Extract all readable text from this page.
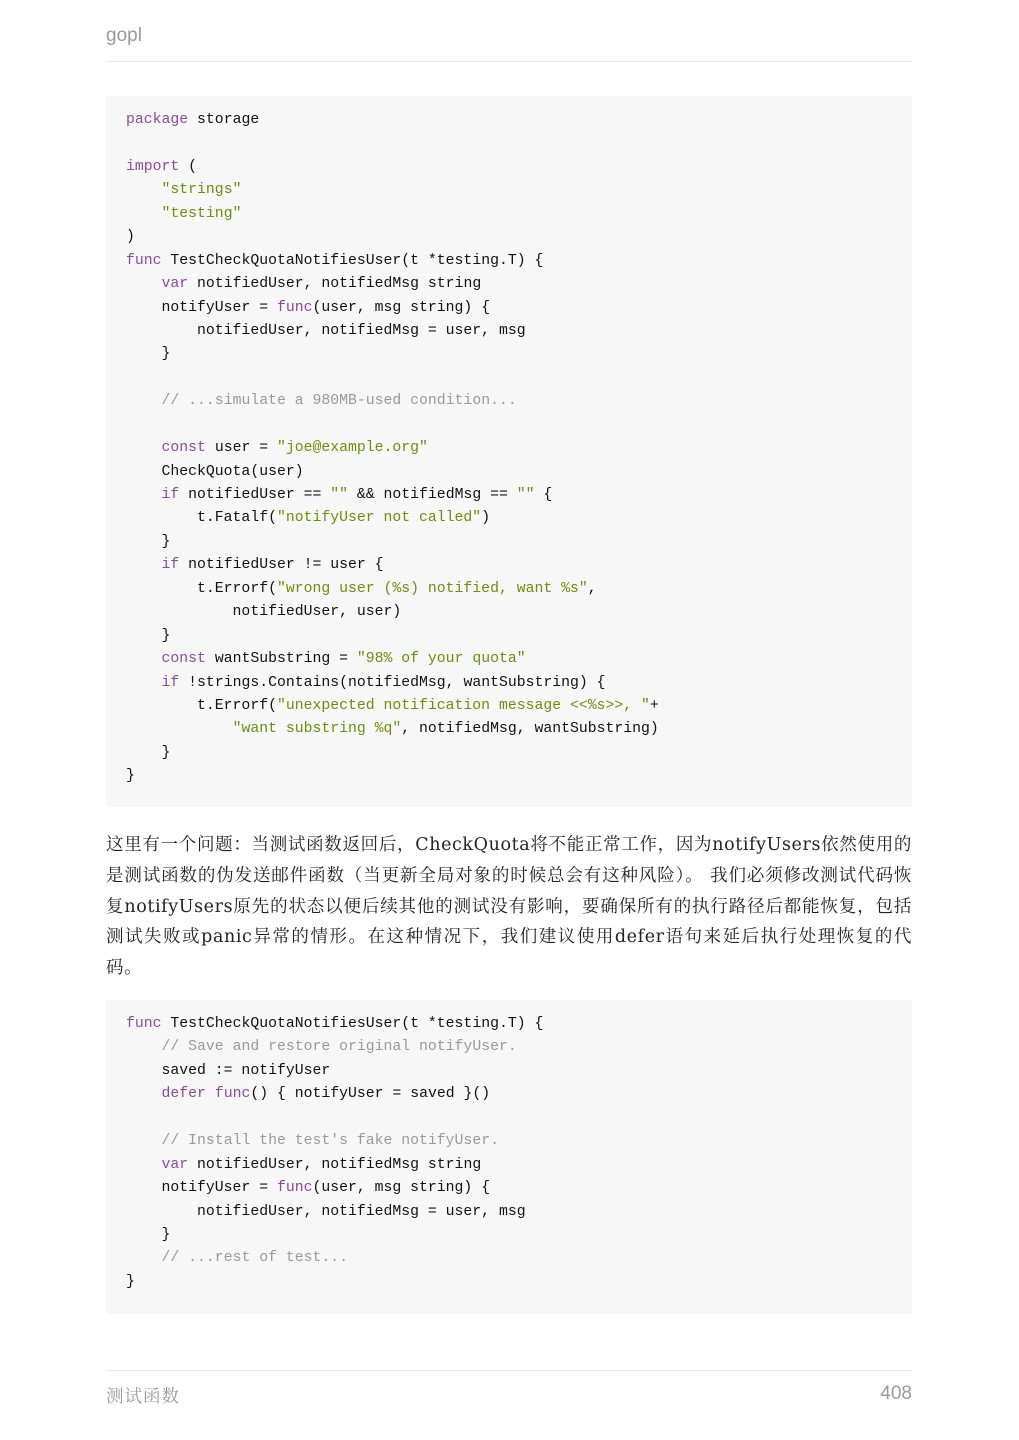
gopl
package storage
import (
"strings"
"testing"
)
func TestCheckQuotaNotifiesUser(t *testing.T) {
var notifiedUser, notifiedMsg string
notifyUser = func(user, msg string) {
notifiedUser, notifiedMsg = user, msg
}
// ...simulate a 980MB-used condition...
const user = "joe@example.org"
CheckQuota(user)
if notifiedUser == "" && notifiedMsg == "" {
t.Fatalf("notifyUser not called")
}
if notifiedUser != user {
t.Errorf("wrong user (%s) notified, want %s",
notifiedUser, user)
}
const wantSubstring = "98% of your quota"
if !strings.Contains(notifiedMsg, wantSubstring) {
t.Errorf("unexpected notification message <<%s>>, "+
"want substring %q", notifiedMsg, wantSubstring)
}
}
这里有一个问题：当测试函数返回后，CheckQuota将不能正常工作，因为notifyUsers依然使用的是测试函数的伪发送邮件函数（当更新全局对象的时候总会有这种风险）。 我们必须修改测试代码恢复notifyUsers原先的状态以便后续其他的测试没有影响，要确保所有的执行路径后都能恢复，包括测试失败或panic异常的情形。在这种情况下，我们建议使用defer语句来延后执行处理恢复的代码。
func TestCheckQuotaNotifiesUser(t *testing.T) {
// Save and restore original notifyUser.
saved := notifyUser
defer func() { notifyUser = saved }()
// Install the test's fake notifyUser.
var notifiedUser, notifiedMsg string
notifyUser = func(user, msg string) {
notifiedUser, notifiedMsg = user, msg
}
// ...rest of test...
}
测试函数	408
